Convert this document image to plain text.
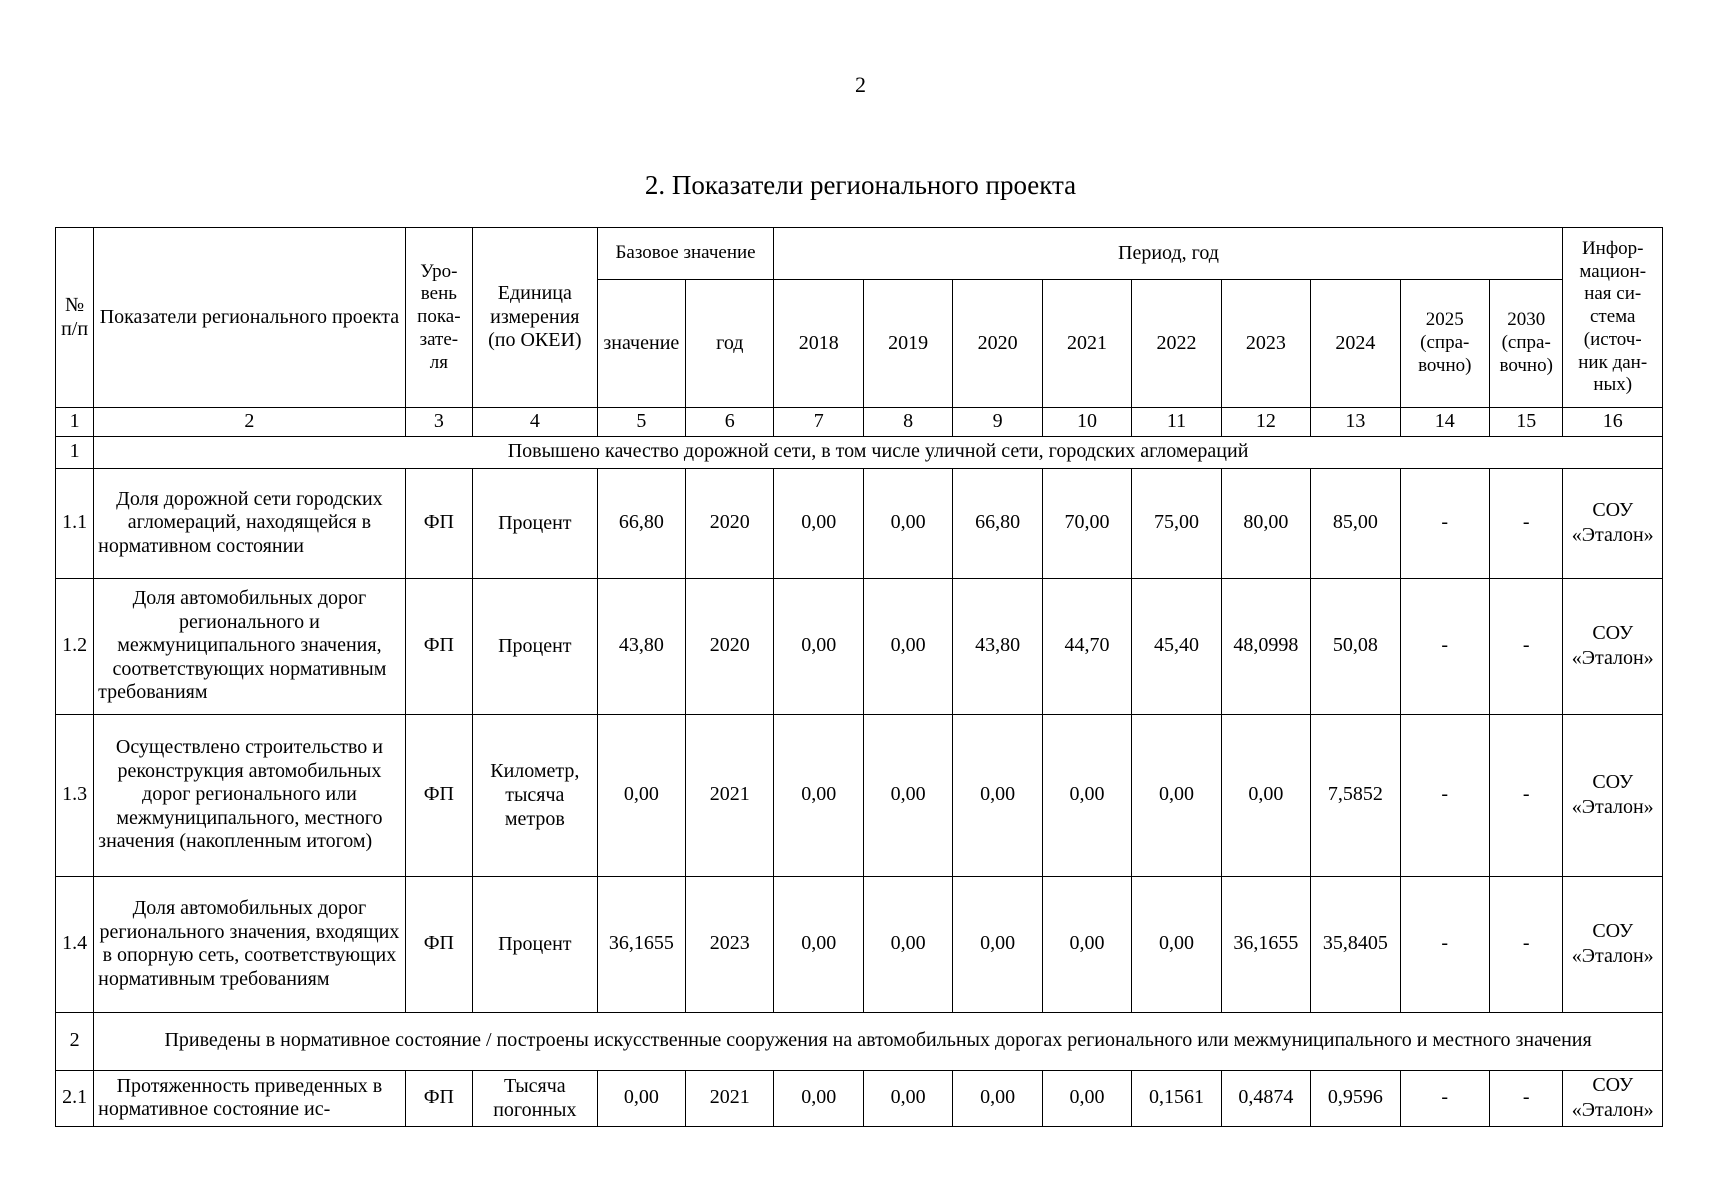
2
2. Показатели регионального проекта
№ п/п	Показатели регионального проекта	Уро- вень пока- зате- ля	Единица измерения (по ОКЕИ)	Базовое значение		Период, год									Инфор- мацион- ная си- стема (источ- ник дан- ных)
				значение	год	2018	2019	2020	2021	2022	2023	2024	2025 (спра- вочно)	2030 (спра- вочно)	
1	2	3	4	5	6	7	8	9	10	11	12	13	14	15	16
1	Повышено качество дорожной сети, в том числе уличной сети, городских агломераций														
1.1	Доля дорожной сети городских агломераций, находящейся в нормативном состоянии	ФП	Процент	66,80	2020	0,00	0,00	66,80	70,00	75,00	80,00	85,00	-	-	СОУ «Эталон»
1.2	Доля автомобильных дорог регионального и межмуниципального значения, соответствующих нормативным требованиям	ФП	Процент	43,80	2020	0,00	0,00	43,80	44,70	45,40	48,0998	50,08	-	-	СОУ «Эталон»
1.3	Осуществлено строительство и реконструкция автомобильных дорог регионального или межмуниципального, местного значения (накопленным итогом)	ФП	Километр, тысяча метров	0,00	2021	0,00	0,00	0,00	0,00	0,00	0,00	7,5852	-	-	СОУ «Эталон»
1.4	Доля автомобильных дорог регионального значения, входящих в опорную сеть, соответствующих нормативным требованиям	ФП	Процент	36,1655	2023	0,00	0,00	0,00	0,00	0,00	36,1655	35,8405	-	-	СОУ «Эталон»
2	Приведены в нормативное состояние / построены искусственные сооружения на автомобильных дорогах регионального или межмуниципального и местного значения														
2.1	Протяженность приведенных в нормативное состояние ис-	ФП	Тысяча погонных	0,00	2021	0,00	0,00	0,00	0,00	0,1561	0,4874	0,9596	-	-	СОУ «Эталон»
